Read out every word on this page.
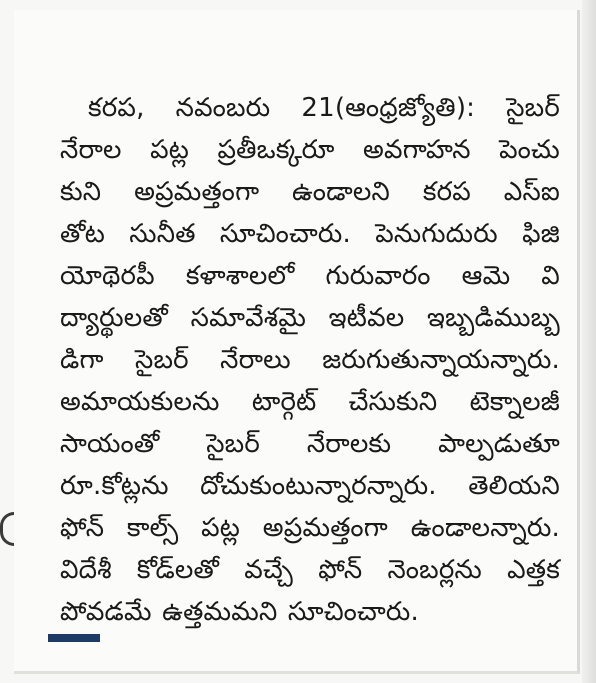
కరప, నవంబరు 21(ఆంధ్రజ్యోతి): సైబర్
నేరాల పట్ల ప్రతీఒక్కరూ అవగాహన పెంచు
కుని అప్రమత్తంగా ఉండాలని కరప ఎస్ఐ
తోట సునీత సూచించారు. పెనుగుదురు ఫిజి
యోథెరపీ కళాశాలలో గురువారం ఆమె వి
ద్యార్థులతో సమావేశమై ఇటీవల ఇబ్బడిముబ్బ
డిగా సైబర్ నేరాలు జరుగుతున్నాయన్నారు.
అమాయకులను టార్గెట్ చేసుకుని టెక్నాలజీ
సాయంతో సైబర్ నేరాలకు పాల్పడుతూ
రూ.కోట్లను దోచుకుంటున్నారన్నారు. తెలియని
ఫోన్ కాల్స్ పట్ల అప్రమత్తంగా ఉండాలన్నారు.
విదేశీ కోడ్‌లతో వచ్చే ఫోన్ నెంబర్లను ఎత్తక
పోవడమే ఉత్తమమని సూచించారు.
